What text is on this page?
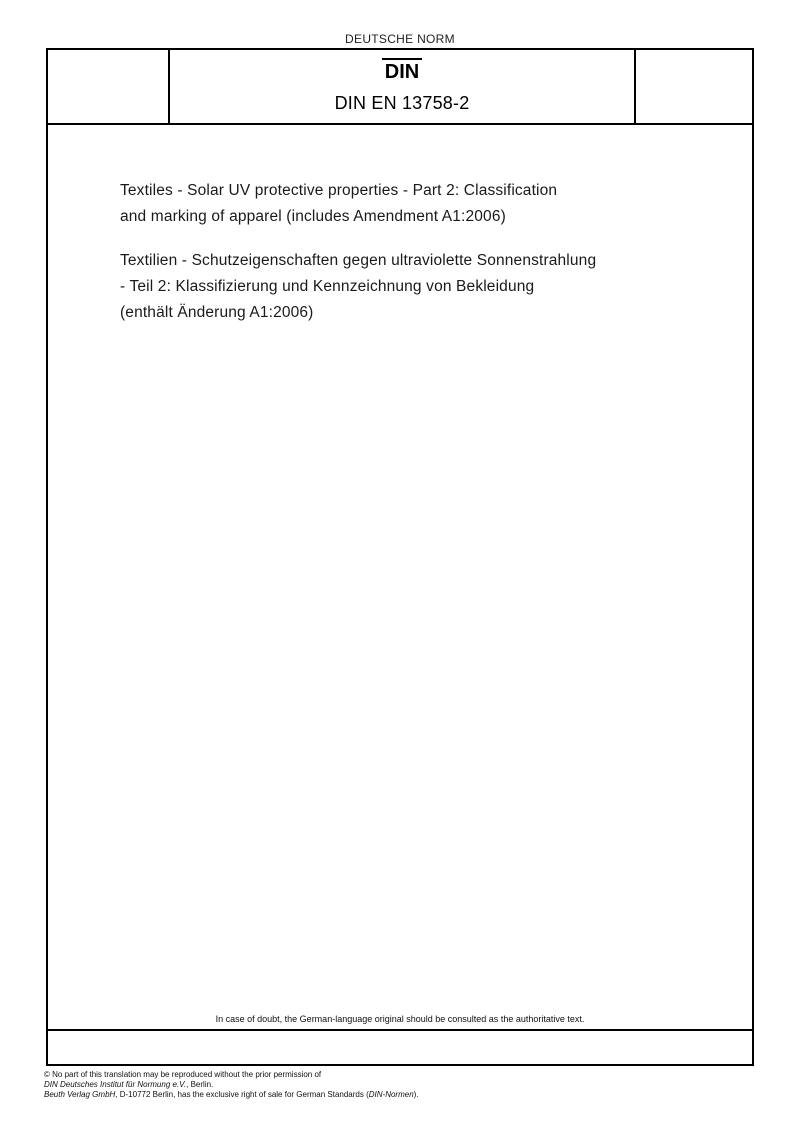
DEUTSCHE NORM
DIN
DIN EN 13758-2
Textiles - Solar UV protective properties - Part 2: Classification
and marking of apparel (includes Amendment A1:2006)
Textilien - Schutzeigenschaften gegen ultraviolette Sonnenstrahlung
- Teil 2: Klassifizierung und Kennzeichnung von Bekleidung
(enthält Änderung A1:2006)
In case of doubt, the German-language original should be consulted as the authoritative text.
© No part of this translation may be reproduced without the prior permission of
DIN Deutsches Institut für Normung e.V., Berlin.
Beuth Verlag GmbH, D-10772 Berlin, has the exclusive right of sale for German Standards (DIN-Normen).
